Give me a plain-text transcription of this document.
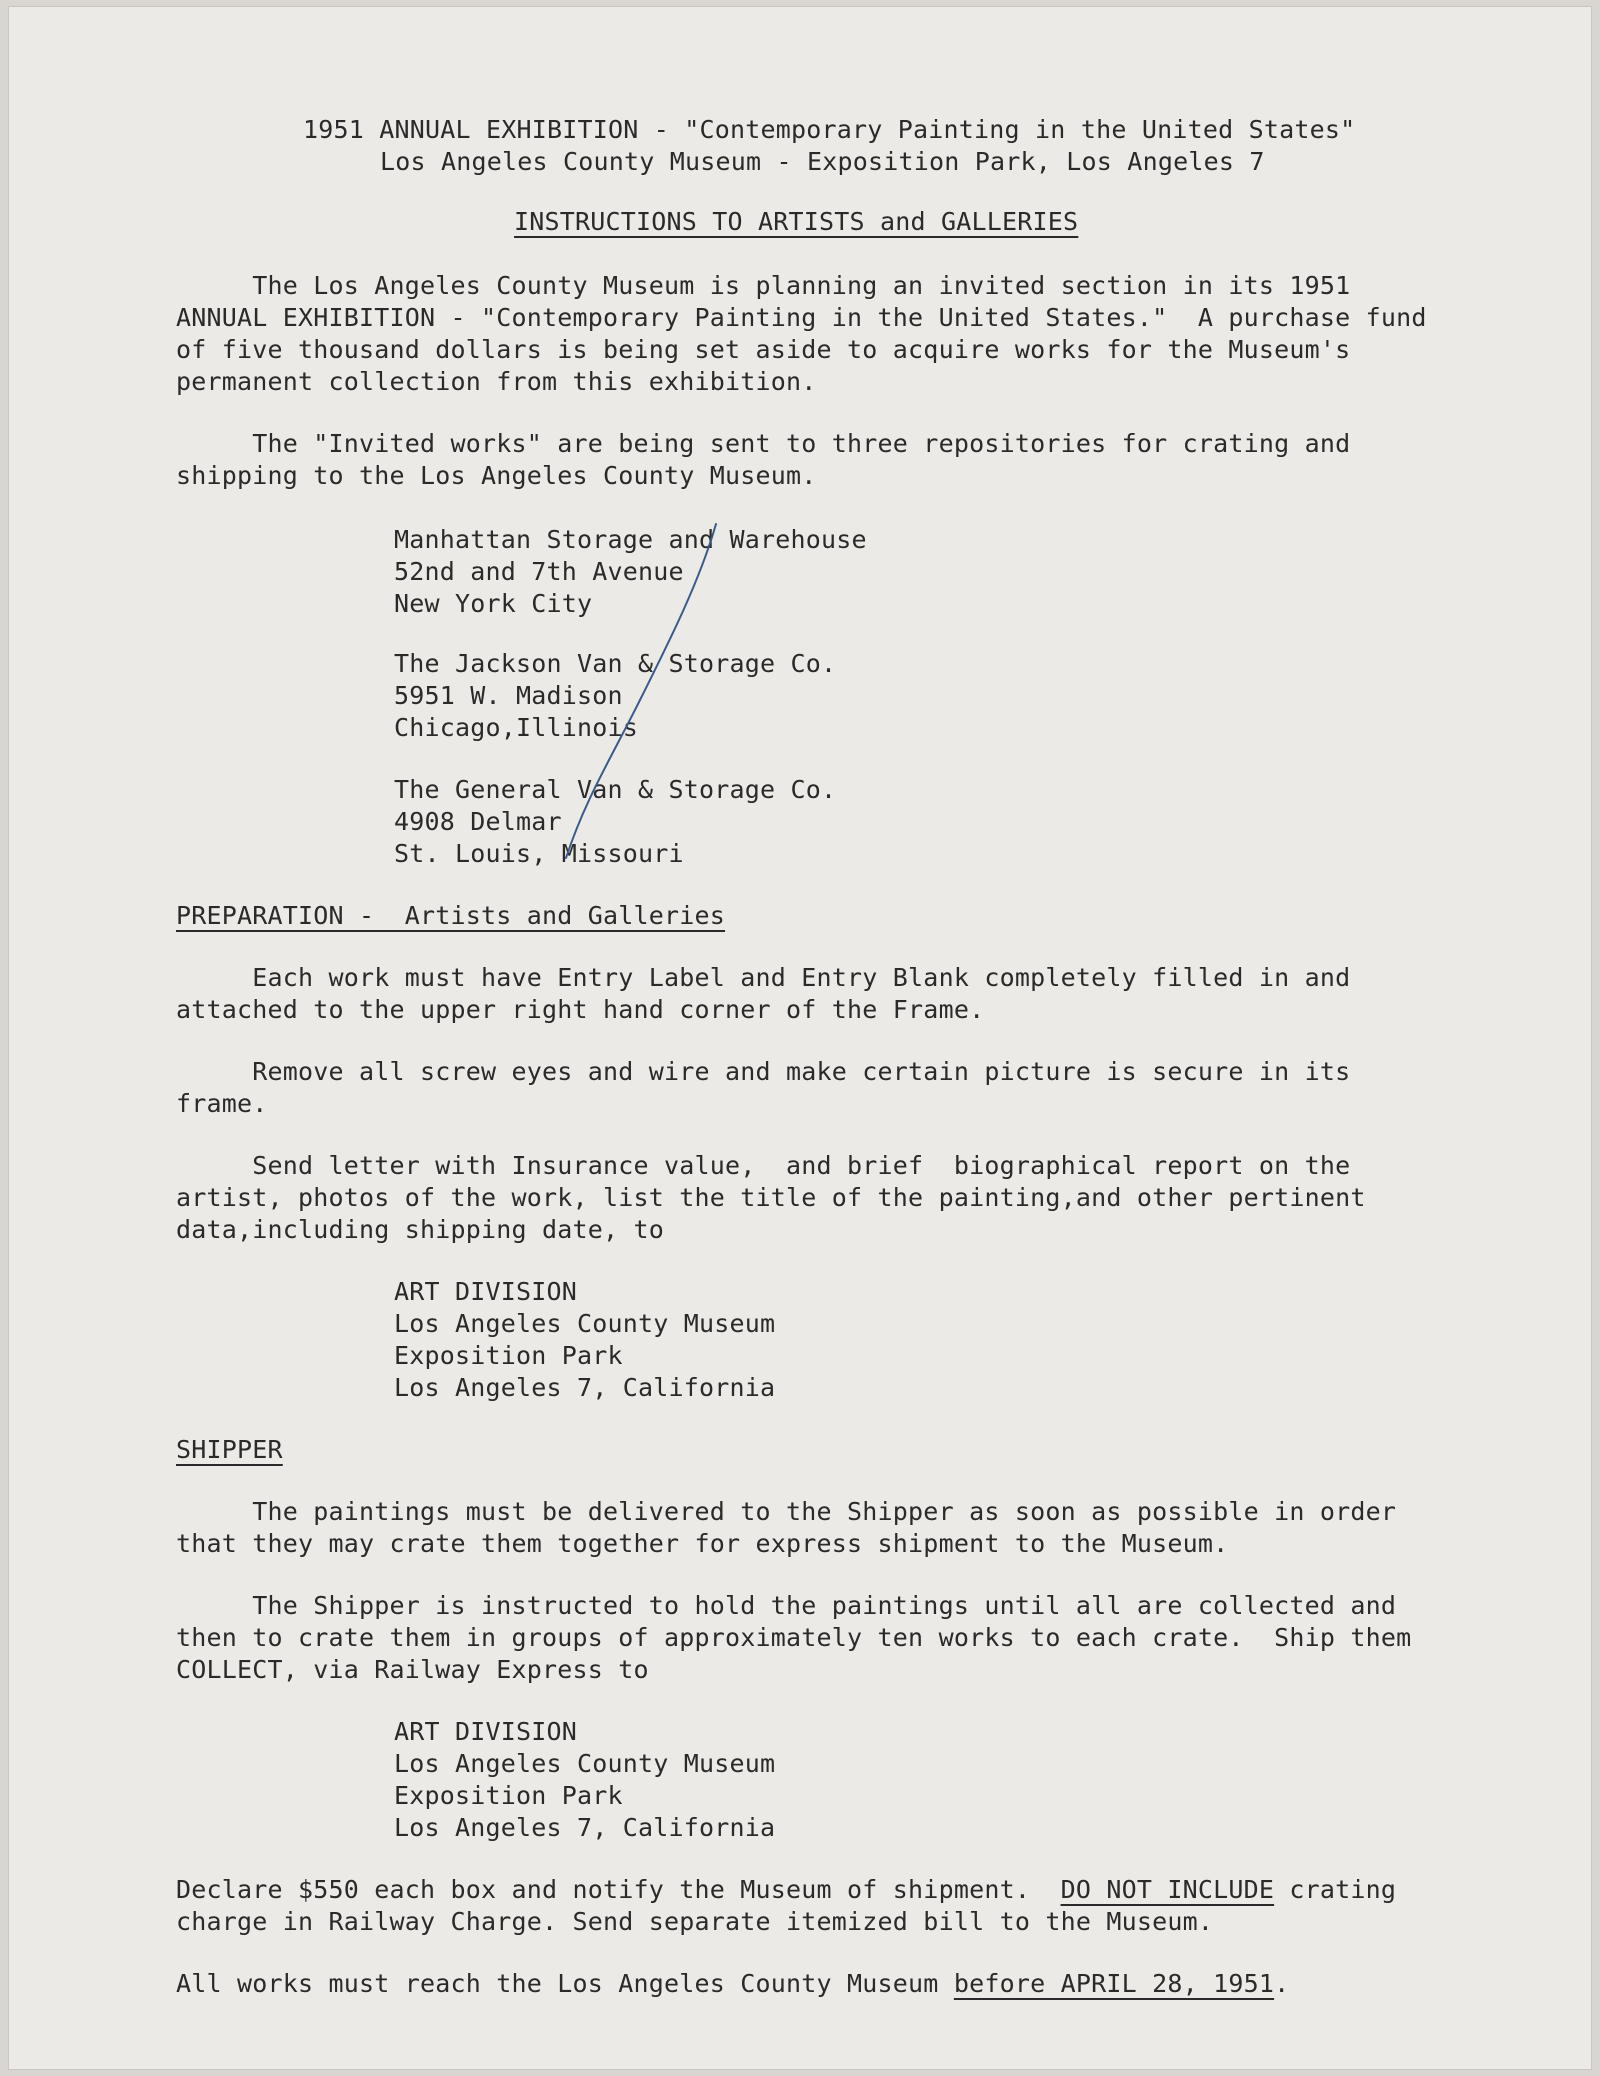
1951 ANNUAL EXHIBITION - "Contemporary Painting in the United States"
Los Angeles County Museum - Exposition Park, Los Angeles 7
INSTRUCTIONS TO ARTISTS and GALLERIES
The Los Angeles County Museum is planning an invited section in its 1951
ANNUAL EXHIBITION - "Contemporary Painting in the United States."  A purchase fund
of five thousand dollars is being set aside to acquire works for the Museum's
permanent collection from this exhibition.
The "Invited works" are being sent to three repositories for crating and
shipping to the Los Angeles County Museum.
Manhattan Storage and Warehouse
52nd and 7th Avenue
New York City
The Jackson Van & Storage Co.
5951 W. Madison
Chicago,Illinois
The General Van & Storage Co.
4908 Delmar
St. Louis, Missouri
PREPARATION -  Artists and Galleries
Each work must have Entry Label and Entry Blank completely filled in and
attached to the upper right hand corner of the Frame.
Remove all screw eyes and wire and make certain picture is secure in its
frame.
Send letter with Insurance value,  and brief  biographical report on the
artist, photos of the work, list the title of the painting,and other pertinent
data,including shipping date, to
ART DIVISION
Los Angeles County Museum
Exposition Park
Los Angeles 7, California
SHIPPER
The paintings must be delivered to the Shipper as soon as possible in order
that they may crate them together for express shipment to the Museum.
The Shipper is instructed to hold the paintings until all are collected and
then to crate them in groups of approximately ten works to each crate.  Ship them
COLLECT, via Railway Express to
ART DIVISION
Los Angeles County Museum
Exposition Park
Los Angeles 7, California
Declare $550 each box and notify the Museum of shipment.  DO NOT INCLUDE crating
charge in Railway Charge. Send separate itemized bill to the Museum.
All works must reach the Los Angeles County Museum before APRIL 28, 1951.
